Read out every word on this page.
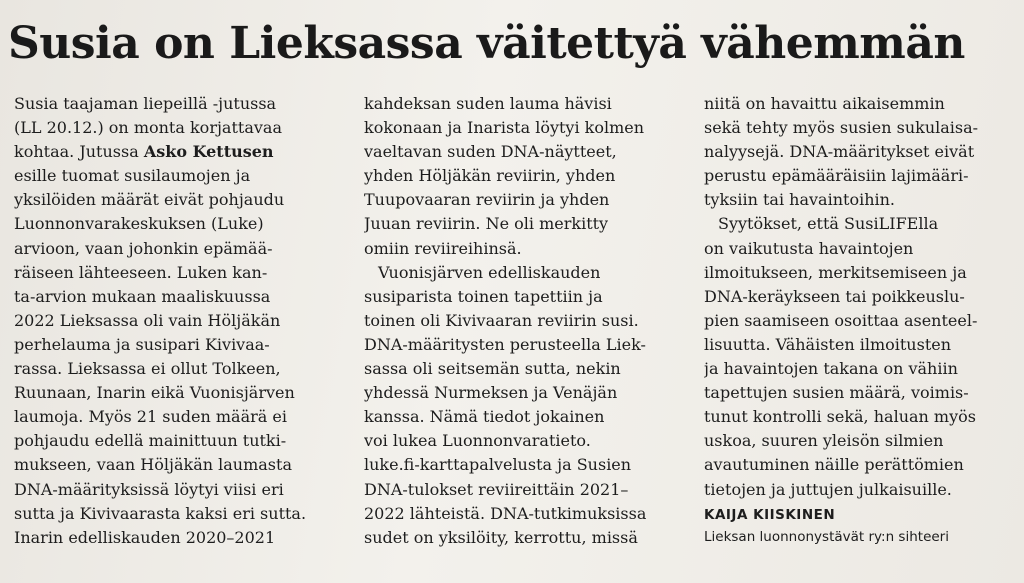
Susia on Lieksassa väitettyä vähemmän
Susia taajaman liepeillä -jutussa
(LL 20.12.) on monta korjattavaa
kohtaa. Jutussa Asko Kettusen
esille tuomat susilaumojen ja
yksilöiden määrät eivät pohjaudu
Luonnonvarakeskuksen (Luke)
arvioon, vaan johonkin epämää-
räiseen lähteeseen. Luken kan-
ta-arvion mukaan maaliskuussa
2022 Lieksassa oli vain Höljäkän
perhelauma ja susipari Kivivaa-
rassa. Lieksassa ei ollut Tolkeen,
Ruunaan, Inarin eikä Vuonisjärven
laumoja. Myös 21 suden määrä ei
pohjaudu edellä mainittuun tutki-
mukseen, vaan Höljäkän laumasta
DNA-määrityksissä löytyi viisi eri
sutta ja Kivivaarasta kaksi eri sutta.
Inarin edelliskauden 2020–2021
kahdeksan suden lauma hävisi
kokonaan ja Inarista löytyi kolmen
vaeltavan suden DNA-näytteet,
yhden Höljäkän reviirin, yhden
Tuupovaaran reviirin ja yhden
Juuan reviirin. Ne oli merkitty
omiin reviireihinsä.
Vuonisjärven edelliskauden
susiparista toinen tapettiin ja
toinen oli Kivivaaran reviirin susi.
DNA-määritysten perusteella Liek-
sassa oli seitsemän sutta, nekin
yhdessä Nurmeksen ja Venäjän
kanssa. Nämä tiedot jokainen
voi lukea Luonnonvaratieto.
luke.fi-karttapalvelusta ja Susien
DNA-tulokset reviireittäin 2021–
2022 lähteistä. DNA-tutkimuksissa
sudet on yksilöity, kerrottu, missä
niitä on havaittu aikaisemmin
sekä tehty myös susien sukulaisa-
nalyysejä. DNA-määritykset eivät
perustu epämääräisiin lajimääri-
tyksiin tai havaintoihin.
Syytökset, että SusiLIFElla
on vaikutusta havaintojen
ilmoitukseen, merkitsemiseen ja
DNA-keräykseen tai poikkeuslu-
pien saamiseen osoittaa asenteel-
lisuutta. Vähäisten ilmoitusten
ja havaintojen takana on vähiin
tapettujen susien määrä, voimis-
tunut kontrolli sekä, haluan myös
uskoa, suuren yleisön silmien
avautuminen näille perättömien
tietojen ja juttujen julkaisuille.
KAIJA KIISKINEN
Lieksan luonnonystävät ry:n sihteeri
